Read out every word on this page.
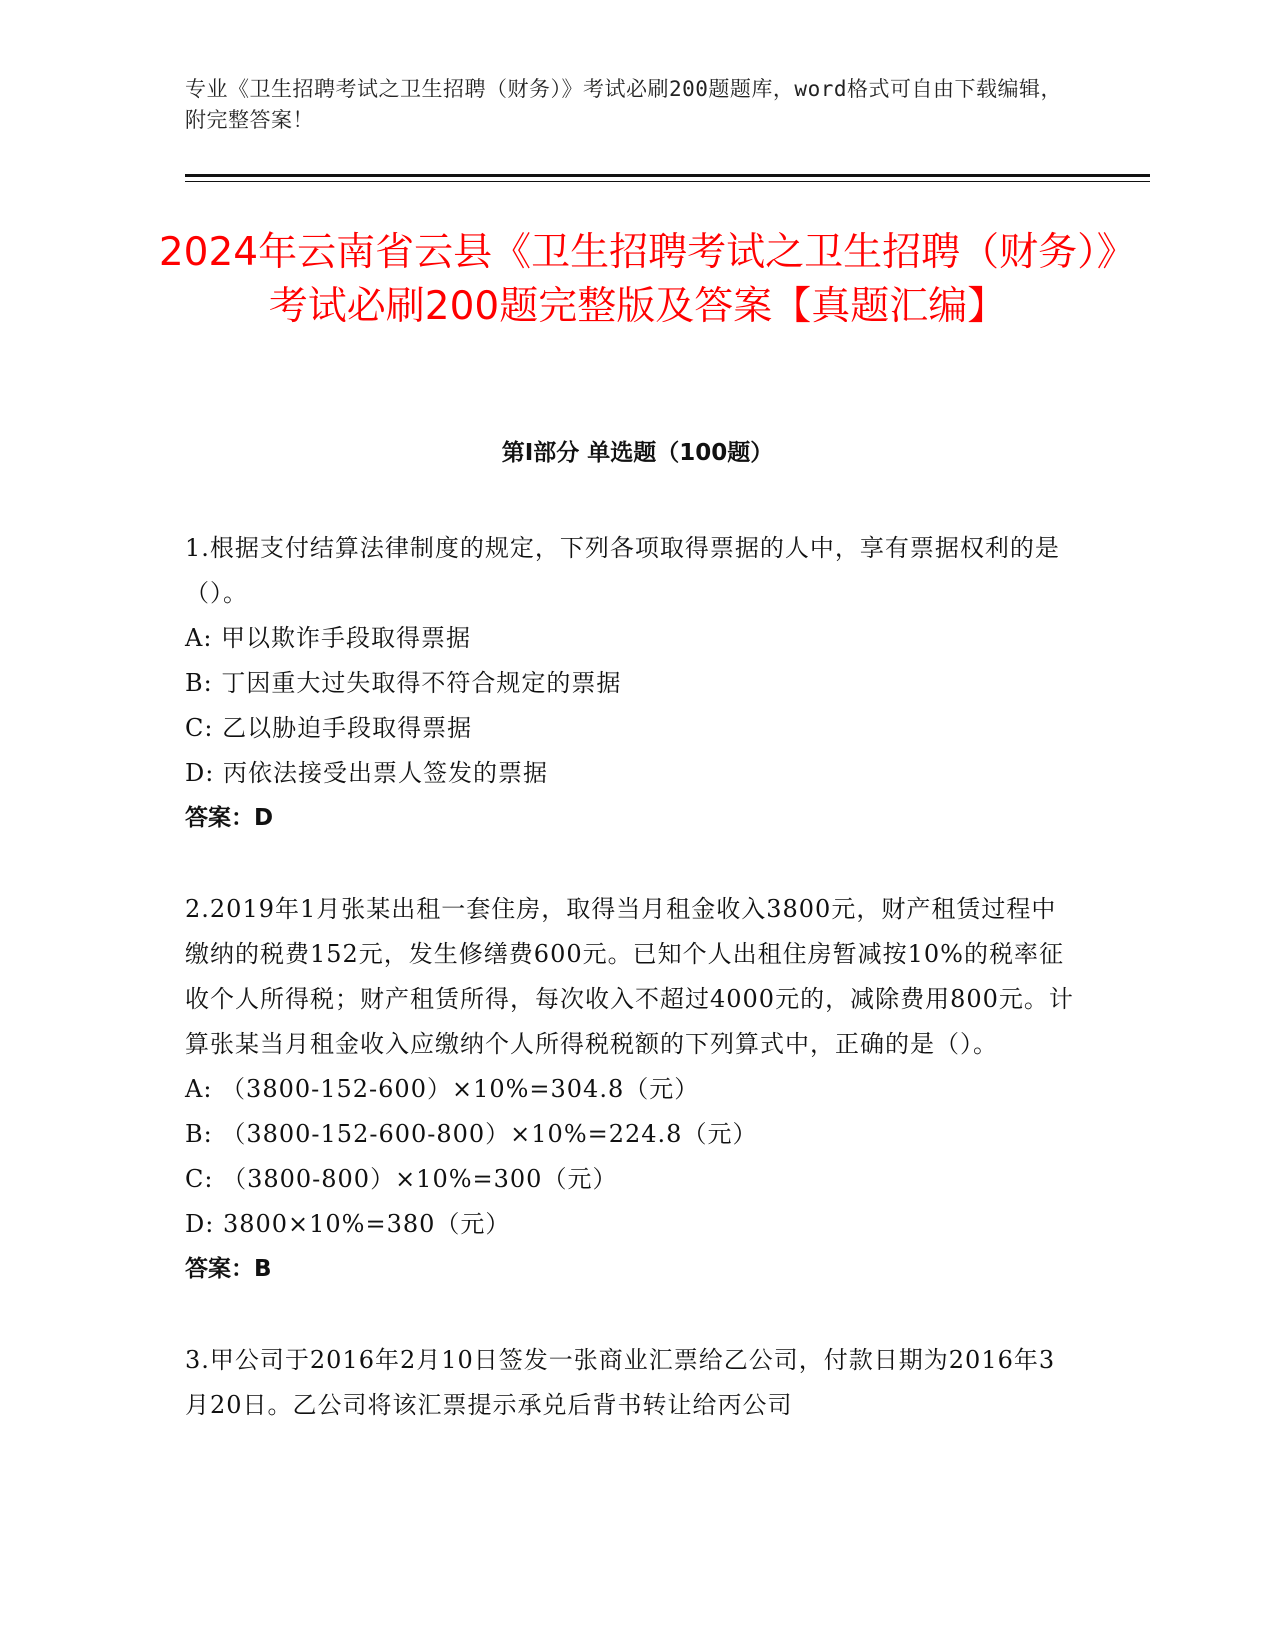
专业《卫生招聘考试之卫生招聘（财务）》考试必刷200题题库，word格式可自由下载编辑，附完整答案！

2024年云南省云县《卫生招聘考试之卫生招聘（财务）》考试必刷200题完整版及答案【真题汇编】
第Ⅰ部分 单选题（100题）

1.根据支付结算法律制度的规定，下列各项取得票据的人中，享有票据权利的是（）。

A: 甲以欺诈手段取得票据

B: 丁因重大过失取得不符合规定的票据

C: 乙以胁迫手段取得票据

D: 丙依法接受出票人签发的票据

答案：D

2.2019年1月张某出租一套住房，取得当月租金收入3800元，财产租赁过程中缴纳的税费152元，发生修缮费600元。已知个人出租住房暂减按10%的税率征收个人所得税；财产租赁所得，每次收入不超过4000元的，减除费用800元。计算张某当月租金收入应缴纳个人所得税税额的下列算式中，正确的是（）。

A: （3800-152-600）×10%=304.8（元）

B: （3800-152-600-800）×10%=224.8（元）

C: （3800-800）×10%=300（元）

D: 3800×10%=380（元）

答案：B

3.甲公司于2016年2月10日签发一张商业汇票给乙公司，付款日期为2016年3月20日。乙公司将该汇票提示承兑后背书转让给丙公司
